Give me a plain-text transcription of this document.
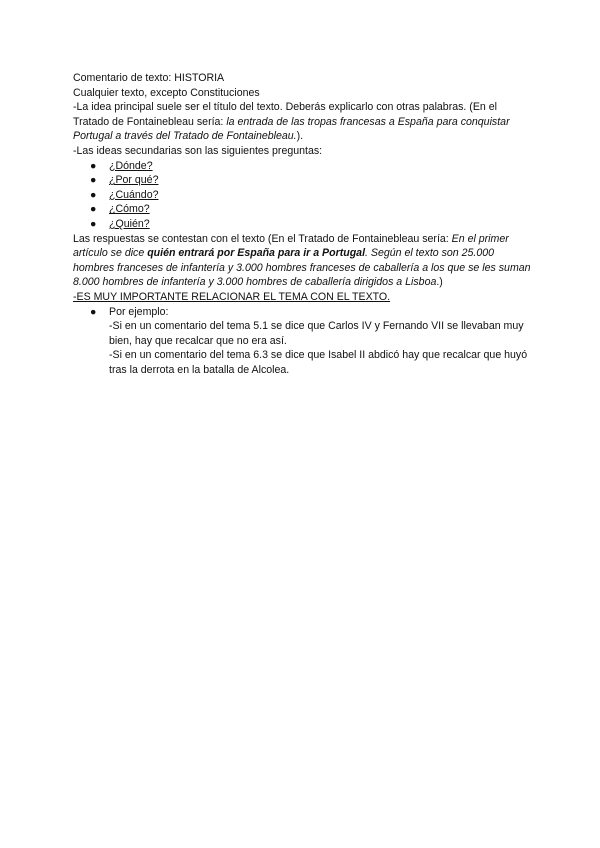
Comentario de texto: HISTORIA
Cualquier texto, excepto Constituciones
-La idea principal suele ser el título del texto. Deberás explicarlo con otras palabras. (En el Tratado de Fontainebleau sería: la entrada de las tropas francesas a España para conquistar Portugal a través del Tratado de Fontainebleau.).
-Las ideas secundarias son las siguientes preguntas:
● ¿Dónde?
● ¿Por qué?
● ¿Cuándo?
● ¿Cómo?
● ¿Quién?
Las respuestas se contestan con el texto (En el Tratado de Fontainebleau sería: En el primer artículo se dice quién entrará por España para ir a Portugal. Según el texto son 25.000 hombres franceses de infantería y 3.000 hombres franceses de caballería a los que se les suman 8.000 hombres de infantería y 3.000 hombres de caballería dirigidos a Lisboa.)
-ES MUY IMPORTANTE RELACIONAR EL TEMA CON EL TEXTO.
● Por ejemplo:
-Si en un comentario del tema 5.1 se dice que Carlos IV y Fernando VII se llevaban muy bien, hay que recalcar que no era así.
-Si en un comentario del tema 6.3 se dice que Isabel II abdicó hay que recalcar que huyó tras la derrota en la batalla de Alcolea.
